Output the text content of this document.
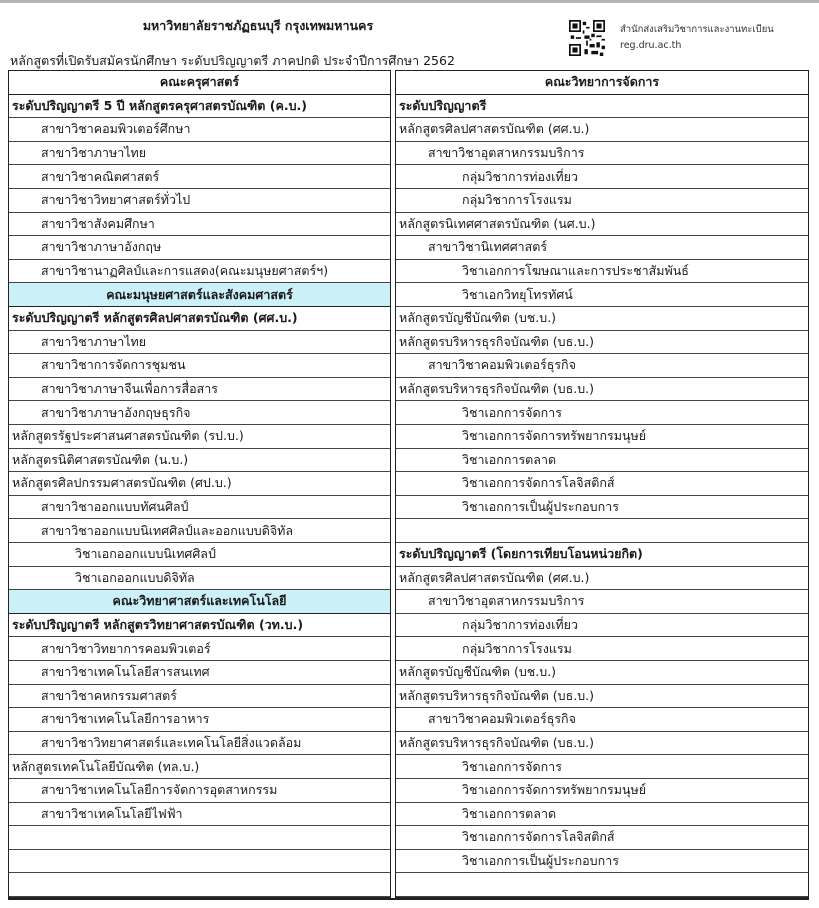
มหาวิทยาลัยราชภัฏธนบุรี กรุงเทพมหานคร
หลักสูตรที่เปิดรับสมัครนักศึกษา ระดับปริญญาตรี ภาคปกติ ประจำปีการศึกษา 2562
สำนักส่งเสริมวิชาการและงานทะเบียน
reg.dru.ac.th
คณะครุศาสตร์
ระดับปริญญาตรี 5 ปี หลักสูตรครุศาสตรบัณฑิต (ค.บ.)
สาขาวิชาคอมพิวเตอร์ศึกษา
สาขาวิชาภาษาไทย
สาขาวิชาคณิตศาสตร์
สาขาวิชาวิทยาศาสตร์ทั่วไป
สาขาวิชาสังคมศึกษา
สาขาวิชาภาษาอังกฤษ
สาขาวิชานาฏศิลป์และการแสดง(คณะมนุษยศาสตร์ฯ)
คณะมนุษยศาสตร์และสังคมศาสตร์
ระดับปริญญาตรี หลักสูตรศิลปศาสตรบัณฑิต (ศศ.บ.)
สาขาวิชาภาษาไทย
สาขาวิชาการจัดการชุมชน
สาขาวิชาภาษาจีนเพื่อการสื่อสาร
สาขาวิชาภาษาอังกฤษธุรกิจ
หลักสูตรรัฐประศาสนศาสตรบัณฑิต (รป.บ.)
หลักสูตรนิติศาสตรบัณฑิต (น.บ.)
หลักสูตรศิลปกรรมศาสตรบัณฑิต (ศป.บ.)
สาขาวิชาออกแบบทัศนศิลป์
สาขาวิชาออกแบบนิเทศศิลป์และออกแบบดิจิทัล
วิชาเอกออกแบบนิเทศศิลป์
วิชาเอกออกแบบดิจิทัล
คณะวิทยาศาสตร์และเทคโนโลยี
ระดับปริญญาตรี หลักสูตรวิทยาศาสตรบัณฑิต (วท.บ.)
สาขาวิชาวิทยาการคอมพิวเตอร์
สาขาวิชาเทคโนโลยีสารสนเทศ
สาขาวิชาคหกรรมศาสตร์
สาขาวิชาเทคโนโลยีการอาหาร
สาขาวิชาวิทยาศาสตร์และเทคโนโลยีสิ่งแวดล้อม
หลักสูตรเทคโนโลยีบัณฑิต (ทล.บ.)
สาขาวิชาเทคโนโลยีการจัดการอุตสาหกรรม
สาขาวิชาเทคโนโลยีไฟฟ้า
คณะวิทยาการจัดการ
ระดับปริญญาตรี
หลักสูตรศิลปศาสตรบัณฑิต (ศศ.บ.)
สาขาวิชาอุตสาหกรรมบริการ
กลุ่มวิชาการท่องเที่ยว
กลุ่มวิชาการโรงแรม
หลักสูตรนิเทศศาสตรบัณฑิต (นศ.บ.)
สาขาวิชานิเทศศาสตร์
วิชาเอกการโฆษณาและการประชาสัมพันธ์
วิชาเอกวิทยุโทรทัศน์
หลักสูตรบัญชีบัณฑิต (บช.บ.)
หลักสูตรบริหารธุรกิจบัณฑิต (บธ.บ.)
สาขาวิชาคอมพิวเตอร์ธุรกิจ
หลักสูตรบริหารธุรกิจบัณฑิต (บธ.บ.)
วิชาเอกการจัดการ
วิชาเอกการจัดการทรัพยากรมนุษย์
วิชาเอกการตลาด
วิชาเอกการจัดการโลจิสติกส์
วิชาเอกการเป็นผู้ประกอบการ
ระดับปริญญาตรี (โดยการเทียบโอนหน่วยกิต)
หลักสูตรศิลปศาสตรบัณฑิต (ศศ.บ.)
สาขาวิชาอุตสาหกรรมบริการ
กลุ่มวิชาการท่องเที่ยว
กลุ่มวิชาการโรงแรม
หลักสูตรบัญชีบัณฑิต (บช.บ.)
หลักสูตรบริหารธุรกิจบัณฑิต (บธ.บ.)
สาขาวิชาคอมพิวเตอร์ธุรกิจ
หลักสูตรบริหารธุรกิจบัณฑิต (บธ.บ.)
วิชาเอกการจัดการ
วิชาเอกการจัดการทรัพยากรมนุษย์
วิชาเอกการตลาด
วิชาเอกการจัดการโลจิสติกส์
วิชาเอกการเป็นผู้ประกอบการ
